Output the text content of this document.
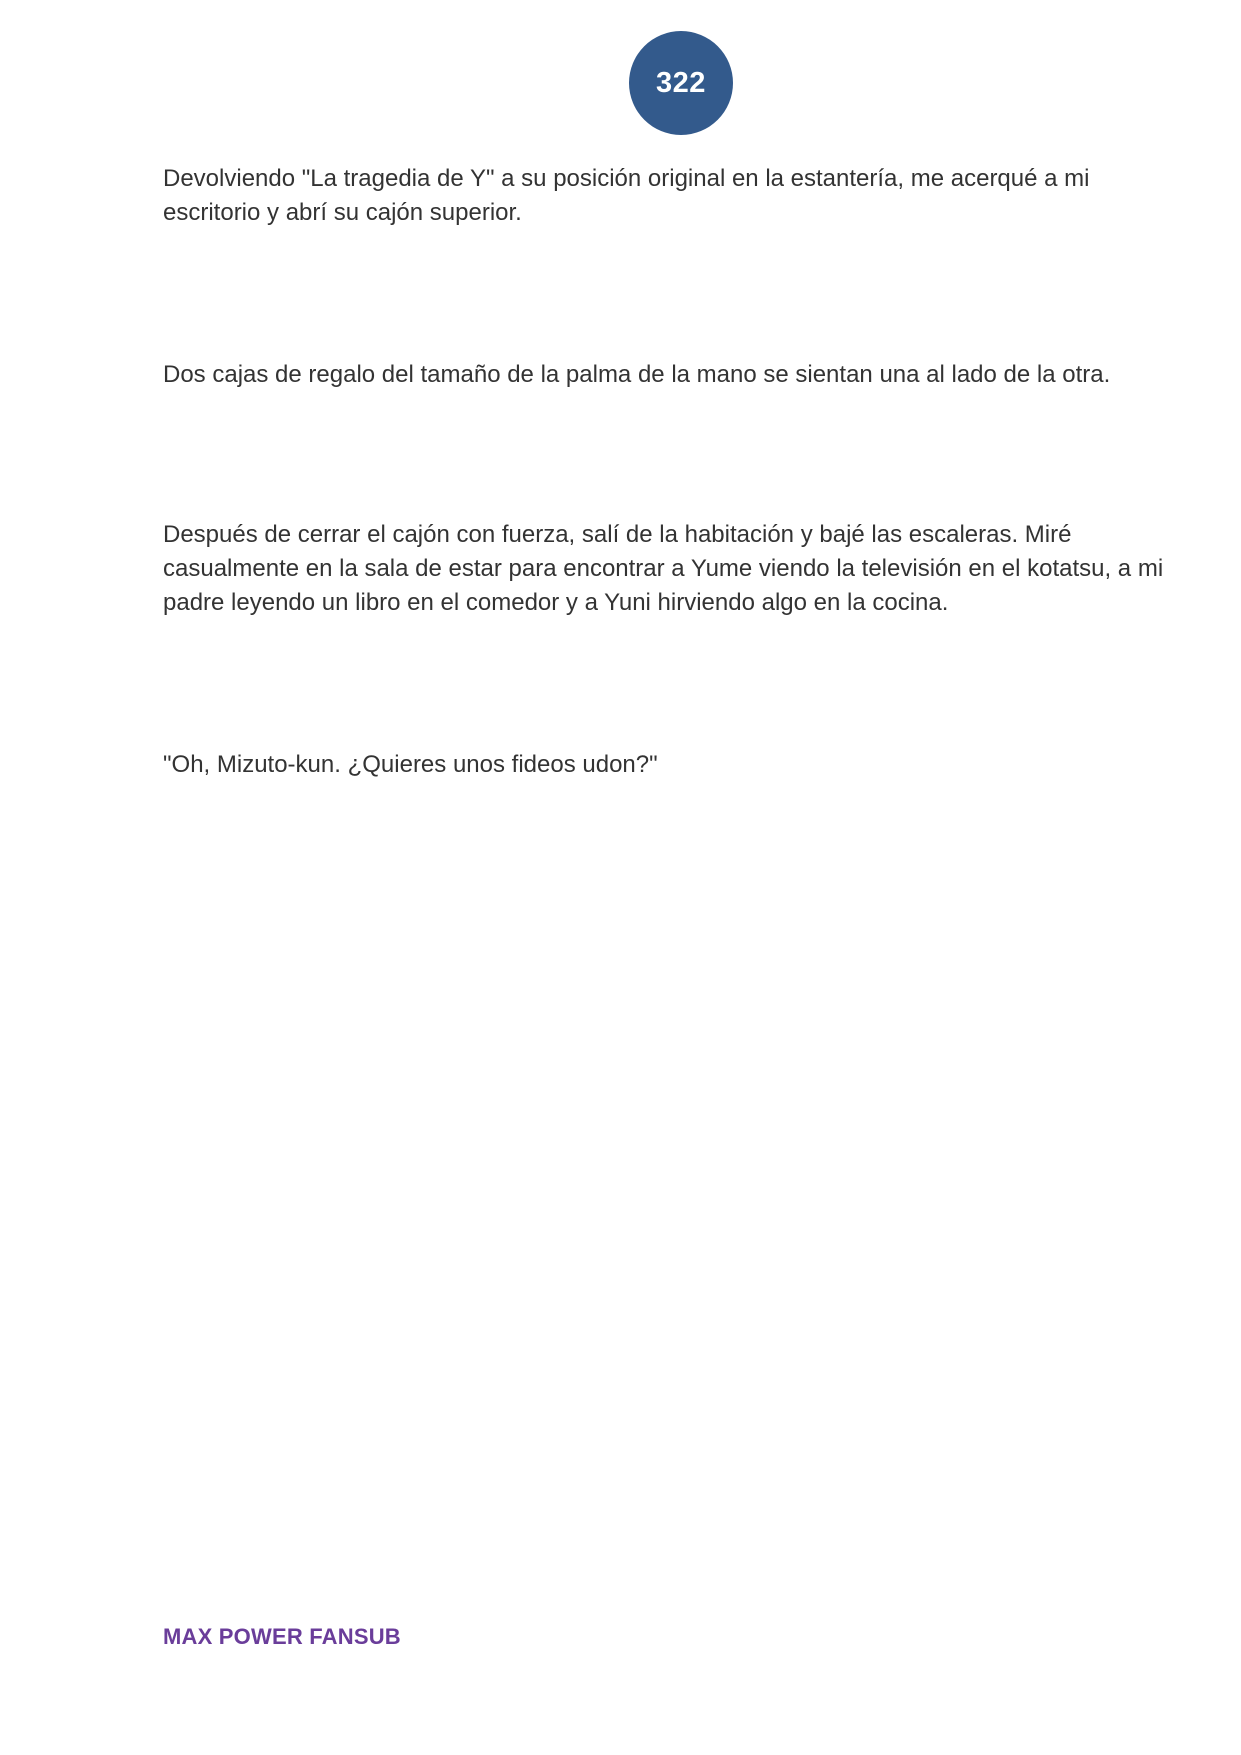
322

Devolviendo "La tragedia de Y" a su posición original en la estantería, me acerqué a mi escritorio y abrí su cajón superior.

Dos cajas de regalo del tamaño de la palma de la mano se sientan una al lado de la otra.

Después de cerrar el cajón con fuerza, salí de la habitación y bajé las escaleras. Miré casualmente en la sala de estar para encontrar a Yume viendo la televisión en el kotatsu, a mi padre leyendo un libro en el comedor y a Yuni hirviendo algo en la cocina.

"Oh, Mizuto-kun. ¿Quieres unos fideos udon?"

MAX POWER FANSUB
